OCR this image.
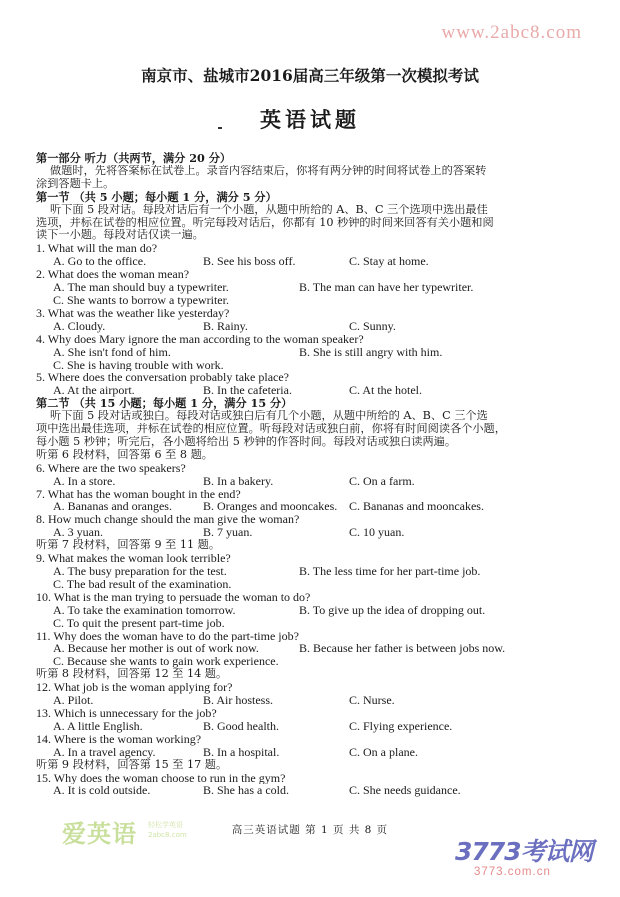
www.2abc8.com
南京市、盐城市2016届高三年级第一次模拟考试
英语试题
第一部分 听力（共两节，满分 20 分）
做题时，先将答案标在试卷上。录音内容结束后，你将有两分钟的时间将试卷上的答案转
涂到答题卡上。
第一节 （共 5 小题；每小题 1 分，满分 5 分）
听下面 5 段对话。每段对话后有一个小题，从题中所给的 A、B、C 三个选项中选出最佳
选项，并标在试卷的相应位置。听完每段对话后，你都有 10 秒钟的时间来回答有关小题和阅
读下一小题。每段对话仅读一遍。
1. What will the man do?
A. Go to the office.	B. See his boss off.	C. Stay at home.
2. What does the woman mean?
A. The man should buy a typewriter.	B. The man can have her typewriter.
C. She wants to borrow a typewriter.
3. What was the weather like yesterday?
A. Cloudy.	B. Rainy.	C. Sunny.
4. Why does Mary ignore the man according to the woman speaker?
A. She isn't fond of him.	B. She is still angry with him.
C. She is having trouble with work.
5. Where does the conversation probably take place?
A. At the airport.	B. In the cafeteria.	C. At the hotel.
第二节 （共 15 小题；每小题 1 分，满分 15 分）
听下面 5 段对话或独白。每段对话或独白后有几个小题，从题中所给的 A、B、C 三个选
项中选出最佳选项，并标在试卷的相应位置。听每段对话或独白前，你将有时间阅读各个小题，
每小题 5 秒钟；听完后，各小题将给出 5 秒钟的作答时间。每段对话或独白读两遍。
听第 6 段材料，回答第 6 至 8 题。
6. Where are the two speakers?
A. In a store.	B. In a bakery.	C. On a farm.
7. What has the woman bought in the end?
A. Bananas and oranges.	B. Oranges and mooncakes. C. Bananas and mooncakes.
8. How much change should the man give the woman?
A. 3 yuan.	B. 7 yuan.	C. 10 yuan.
听第 7 段材料，回答第 9 至 11 题。
9. What makes the woman look terrible?
A. The busy preparation for the test.	B. The less time for her part-time job.
C. The bad result of the examination.
10. What is the man trying to persuade the woman to do?
A. To take the examination tomorrow.	B. To give up the idea of dropping out.
C. To quit the present part-time job.
11. Why does the woman have to do the part-time job?
A. Because her mother is out of work now.	B. Because her father is between jobs now.
C. Because she wants to gain work experience.
听第 8 段材料，回答第 12 至 14 题。
12. What job is the woman applying for?
A. Pilot.	B. Air hostess.	C. Nurse.
13. Which is unnecessary for the job?
A. A little English.	B. Good health.	C. Flying experience.
14. Where is the woman working?
A. In a travel agency.	B. In a hospital.	C. On a plane.
听第 9 段材料，回答第 15 至 17 题。
15. Why does the woman choose to run in the gym?
A. It is cold outside.	B. She has a cold.	C. She needs guidance.
高三英语试题 第 1 页 共 8 页
爱英语 轻松学英语
2abc8.com
3773考试网
3773.com.cn
